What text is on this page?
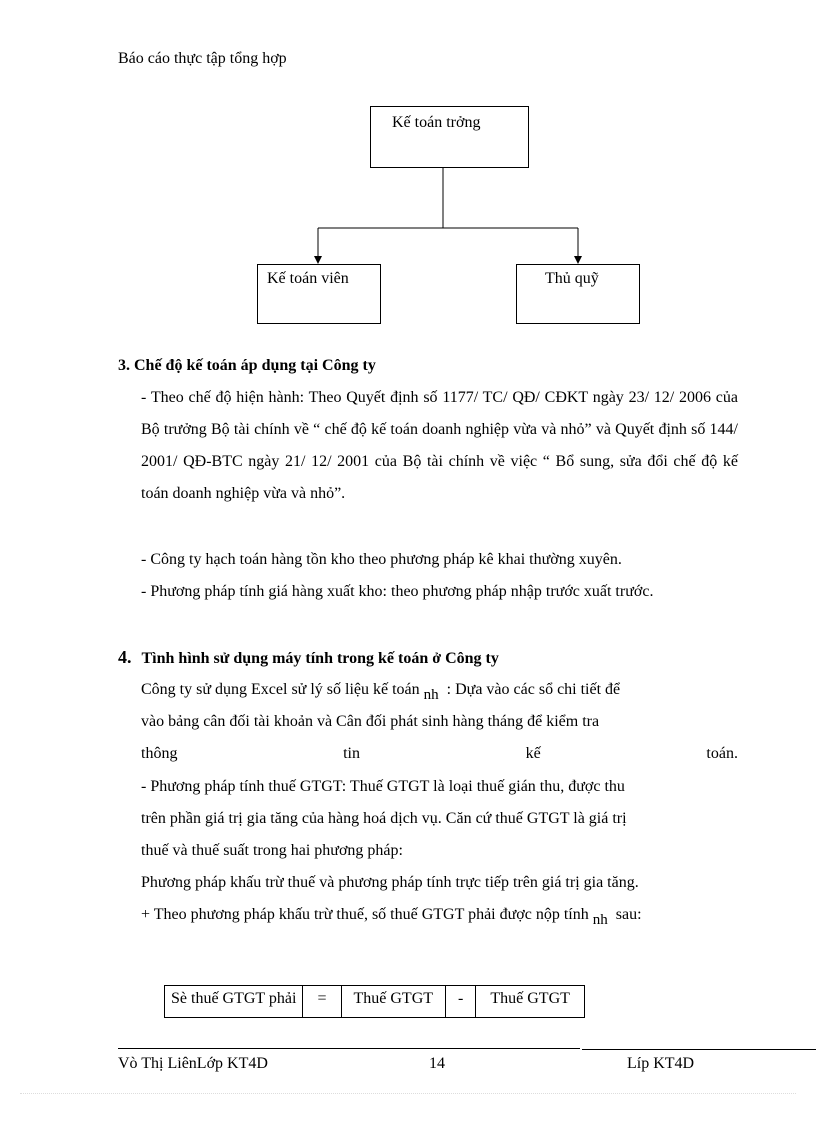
Báo cáo thực tập tổng hợp
Kế toán trởng
Kế toán viên	Thủ quỹ
3. Chế độ kế toán áp dụng tại Công ty
- Theo chế độ hiện hành: Theo Quyết định số 1177/ TC/ QĐ/ CĐKT ngày 23/ 12/ 2006 của Bộ trưởng Bộ tài chính về “ chế độ kế toán doanh nghiệp vừa và nhỏ” và Quyết định số 144/ 2001/ QĐ-BTC ngày 21/ 12/ 2001 của Bộ tài chính về việc “ Bổ sung, sửa đổi chế độ kế toán doanh nghiệp vừa và nhỏ”.
- Công ty hạch toán hàng tồn kho theo phương pháp kê khai thường xuyên.
- Phương pháp tính giá hàng xuất kho: theo phương pháp nhập trước xuất trước.
4. Tình hình sử dụng máy tính trong kế toán ở Công ty
Công ty sử dụng Excel sử lý số liệu kế toán nh : Dựa vào các sổ chi tiết để
vào bảng cân đối tài khoản và Cân đối phát sinh hàng tháng để kiểm tra
thông	tin	kế	toán.
- Phương pháp tính thuế GTGT: Thuế GTGT là loại thuế gián thu, được thu
trên phần giá trị gia tăng của hàng hoá dịch vụ. Căn cứ thuế GTGT là giá trị
thuế và thuế suất trong hai phương pháp:
Phương pháp khấu trừ thuế và phương pháp tính trực tiếp trên giá trị gia tăng.
+ Theo phương pháp khấu trừ thuế, số thuế GTGT phải được nộp tính nh sau:
Sè thuế GTGT phải	=	Thuế GTGT	-	Thuế GTGT
Vò Thị LiênLớp KT4D	14	Líp KT4D
